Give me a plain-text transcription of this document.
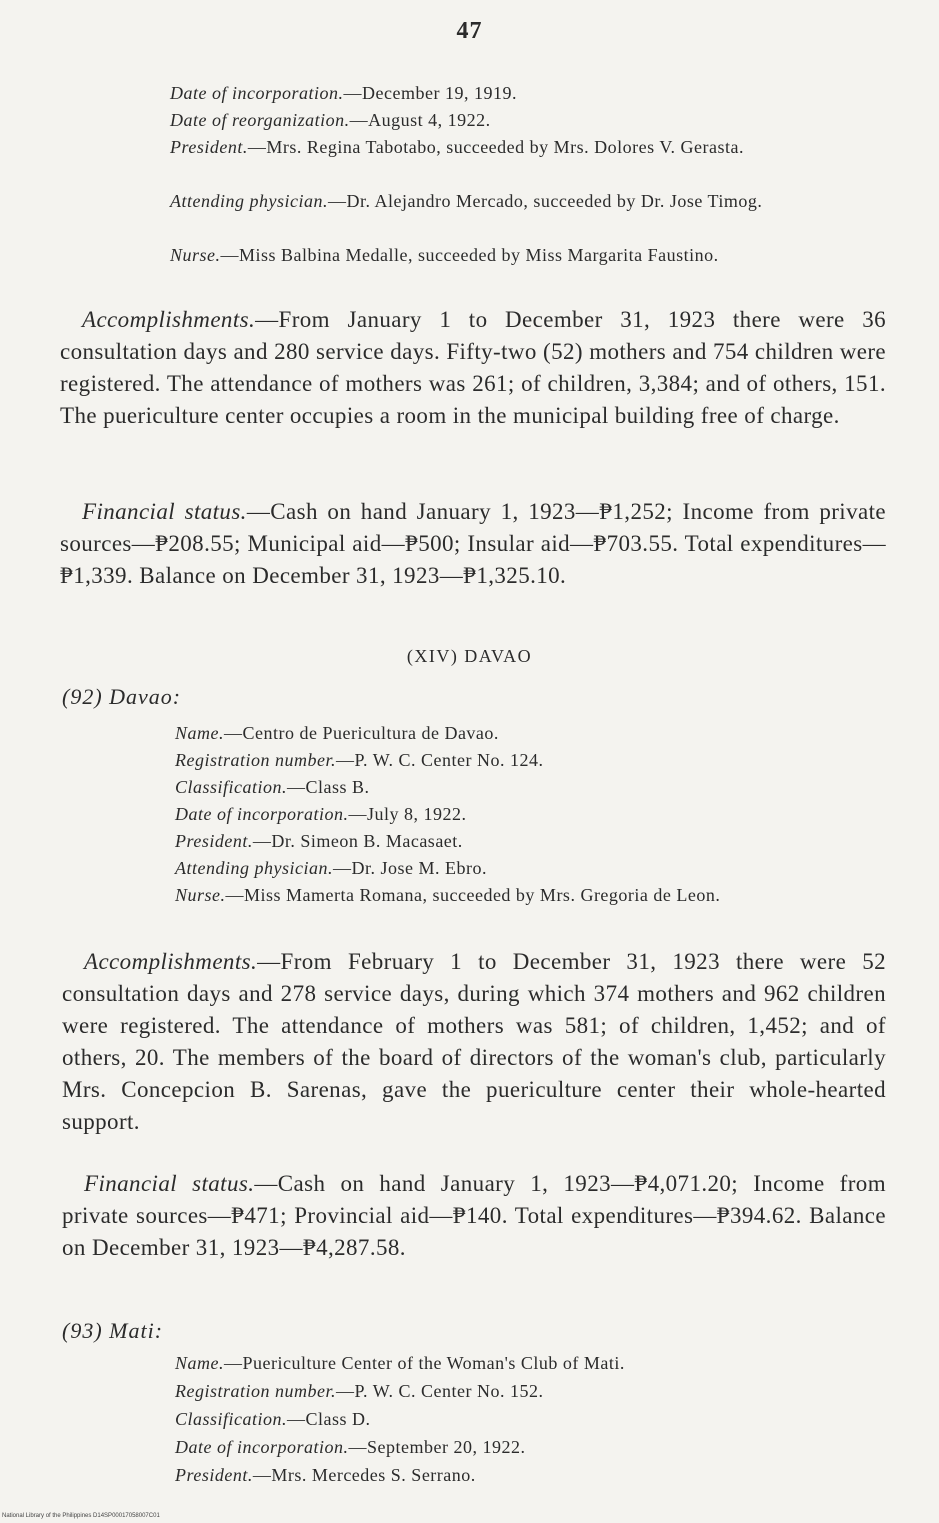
47

Date of incorporation.—December 19, 1919.

Date of reorganization.—August 4, 1922.

President.—Mrs. Regina Tabotabo, succeeded by Mrs. Dolores V. Gerasta.

Attending physician.—Dr. Alejandro Mercado, succeeded by Dr. Jose Timog.

Nurse.—Miss Balbina Medalle, succeeded by Miss Margarita Faustino.

Accomplishments.—From January 1 to December 31, 1923 there were 36 consultation days and 280 service days. Fifty-two (52) mothers and 754 children were registered. The attendance of mothers was 261; of children, 3,384; and of others, 151. The puericulture center occupies a room in the municipal building free of charge.

Financial status.—Cash on hand January 1, 1923—₱1,252; Income from private sources—₱208.55; Municipal aid—₱500; Insular aid—₱703.55. Total expenditures—₱1,339. Balance on December 31, 1923—₱1,325.10.

(XIV) DAVAO

(92) Davao:

Name.—Centro de Puericultura de Davao.

Registration number.—P. W. C. Center No. 124.

Classification.—Class B.

Date of incorporation.—July 8, 1922.

President.—Dr. Simeon B. Macasaet.

Attending physician.—Dr. Jose M. Ebro.

Nurse.—Miss Mamerta Romana, succeeded by Mrs. Gregoria de Leon.

Accomplishments.—From February 1 to December 31, 1923 there were 52 consultation days and 278 service days, during which 374 mothers and 962 children were registered. The attendance of mothers was 581; of children, 1,452; and of others, 20. The members of the board of directors of the woman's club, particularly Mrs. Concepcion B. Sarenas, gave the puericulture center their whole-hearted support.

Financial status.—Cash on hand January 1, 1923—₱4,071.20; Income from private sources—₱471; Provincial aid—₱140. Total expenditures—₱394.62. Balance on December 31, 1923—₱4,287.58.

(93) Mati:

Name.—Puericulture Center of the Woman's Club of Mati.

Registration number.—P. W. C. Center No. 152.

Classification.—Class D.

Date of incorporation.—September 20, 1922.

President.—Mrs. Mercedes S. Serrano.

National Library of the Philippines D14SP00017058007C01
